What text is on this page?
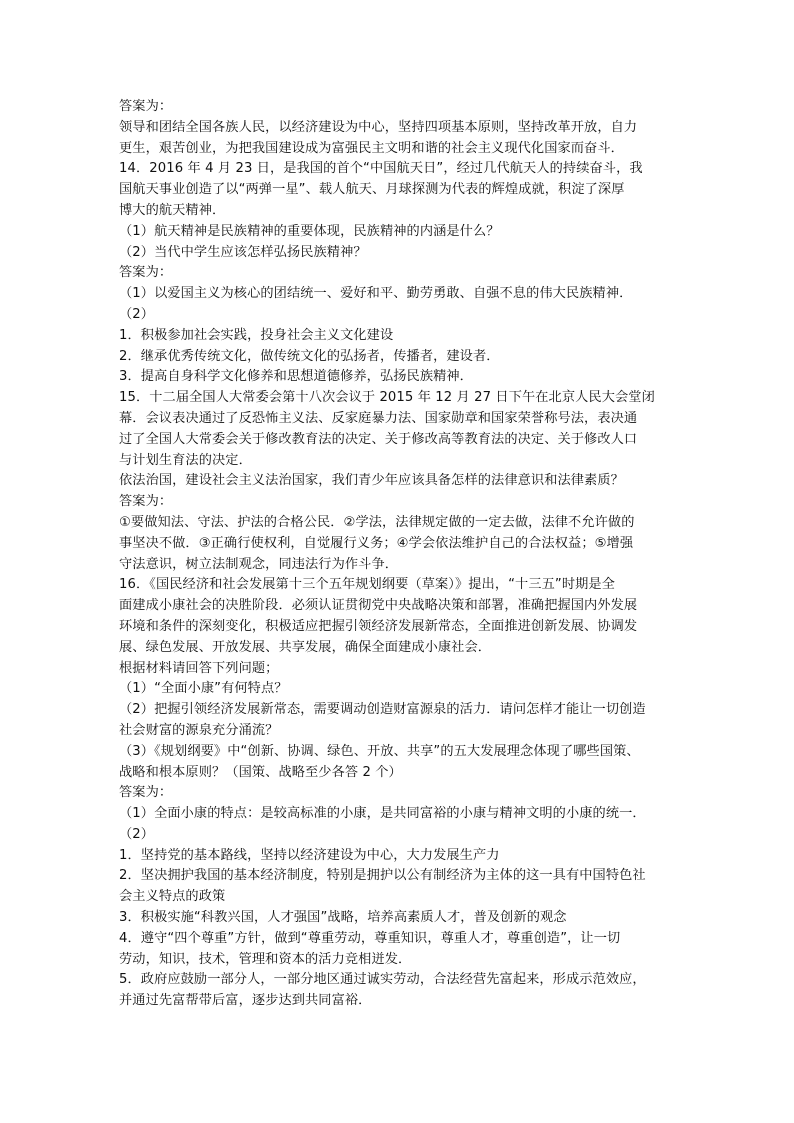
答案为：
领导和团结全国各族人民，以经济建设为中心，坚持四项基本原则，坚持改革开放，自力
更生，艰苦创业，为把我国建设成为富强民主文明和谐的社会主义现代化国家而奋斗．
14．2016 年 4 月 23 日，是我国的首个“中国航天日”，经过几代航天人的持续奋斗，我
国航天事业创造了以“两弹一星”、载人航天、月球探测为代表的辉煌成就，积淀了深厚
博大的航天精神．
（1）航天精神是民族精神的重要体现，民族精神的内涵是什么？
（2）当代中学生应该怎样弘扬民族精神？
答案为：
（1）以爱国主义为核心的团结统一、爱好和平、勤劳勇敢、自强不息的伟大民族精神．
（2）
1．积极参加社会实践，投身社会主义文化建设
2．继承优秀传统文化，做传统文化的弘扬者，传播者，建设者．
3．提高自身科学文化修养和思想道德修养，弘扬民族精神．
15．十二届全国人大常委会第十八次会议于 2015 年 12 月 27 日下午在北京人民大会堂闭
幕．会议表决通过了反恐怖主义法、反家庭暴力法、国家勋章和国家荣誉称号法，表决通
过了全国人大常委会关于修改教育法的决定、关于修改高等教育法的决定、关于修改人口
与计划生育法的决定．
依法治国，建设社会主义法治国家，我们青少年应该具备怎样的法律意识和法律素质？
答案为：
①要做知法、守法、护法的合格公民．②学法，法律规定做的一定去做，法律不允许做的
事坚决不做．③正确行使权利，自觉履行义务；④学会依法维护自己的合法权益；⑤增强
守法意识，树立法制观念，同违法行为作斗争．
16．《国民经济和社会发展第十三个五年规划纲要（草案）》提出，“十三五”时期是全
面建成小康社会的决胜阶段．必须认证贯彻党中央战略决策和部署，准确把握国内外发展
环境和条件的深刻变化，积极适应把握引领经济发展新常态，全面推进创新发展、协调发
展、绿色发展、开放发展、共享发展，确保全面建成小康社会．
根据材料请回答下列问题；
（1）“全面小康”有何特点？
（2）把握引领经济发展新常态，需要调动创造财富源泉的活力．请问怎样才能让一切创造
社会财富的源泉充分涌流？
（3）《规划纲要》中“创新、协调、绿色、开放、共享”的五大发展理念体现了哪些国策、
战略和根本原则？（国策、战略至少各答 2 个）
答案为：
（1）全面小康的特点：是较高标准的小康，是共同富裕的小康与精神文明的小康的统一．
（2）
1．坚持党的基本路线，坚持以经济建设为中心，大力发展生产力
2．坚决拥护我国的基本经济制度，特别是拥护以公有制经济为主体的这一具有中国特色社
会主义特点的政策
3．积极实施“科教兴国，人才强国”战略，培养高素质人才，普及创新的观念
4．遵守“四个尊重”方针，做到“尊重劳动，尊重知识，尊重人才，尊重创造”，让一切
劳动，知识，技术，管理和资本的活力竞相迸发．
5．政府应鼓励一部分人，一部分地区通过诚实劳动，合法经营先富起来，形成示范效应，
并通过先富帮带后富，逐步达到共同富裕．
